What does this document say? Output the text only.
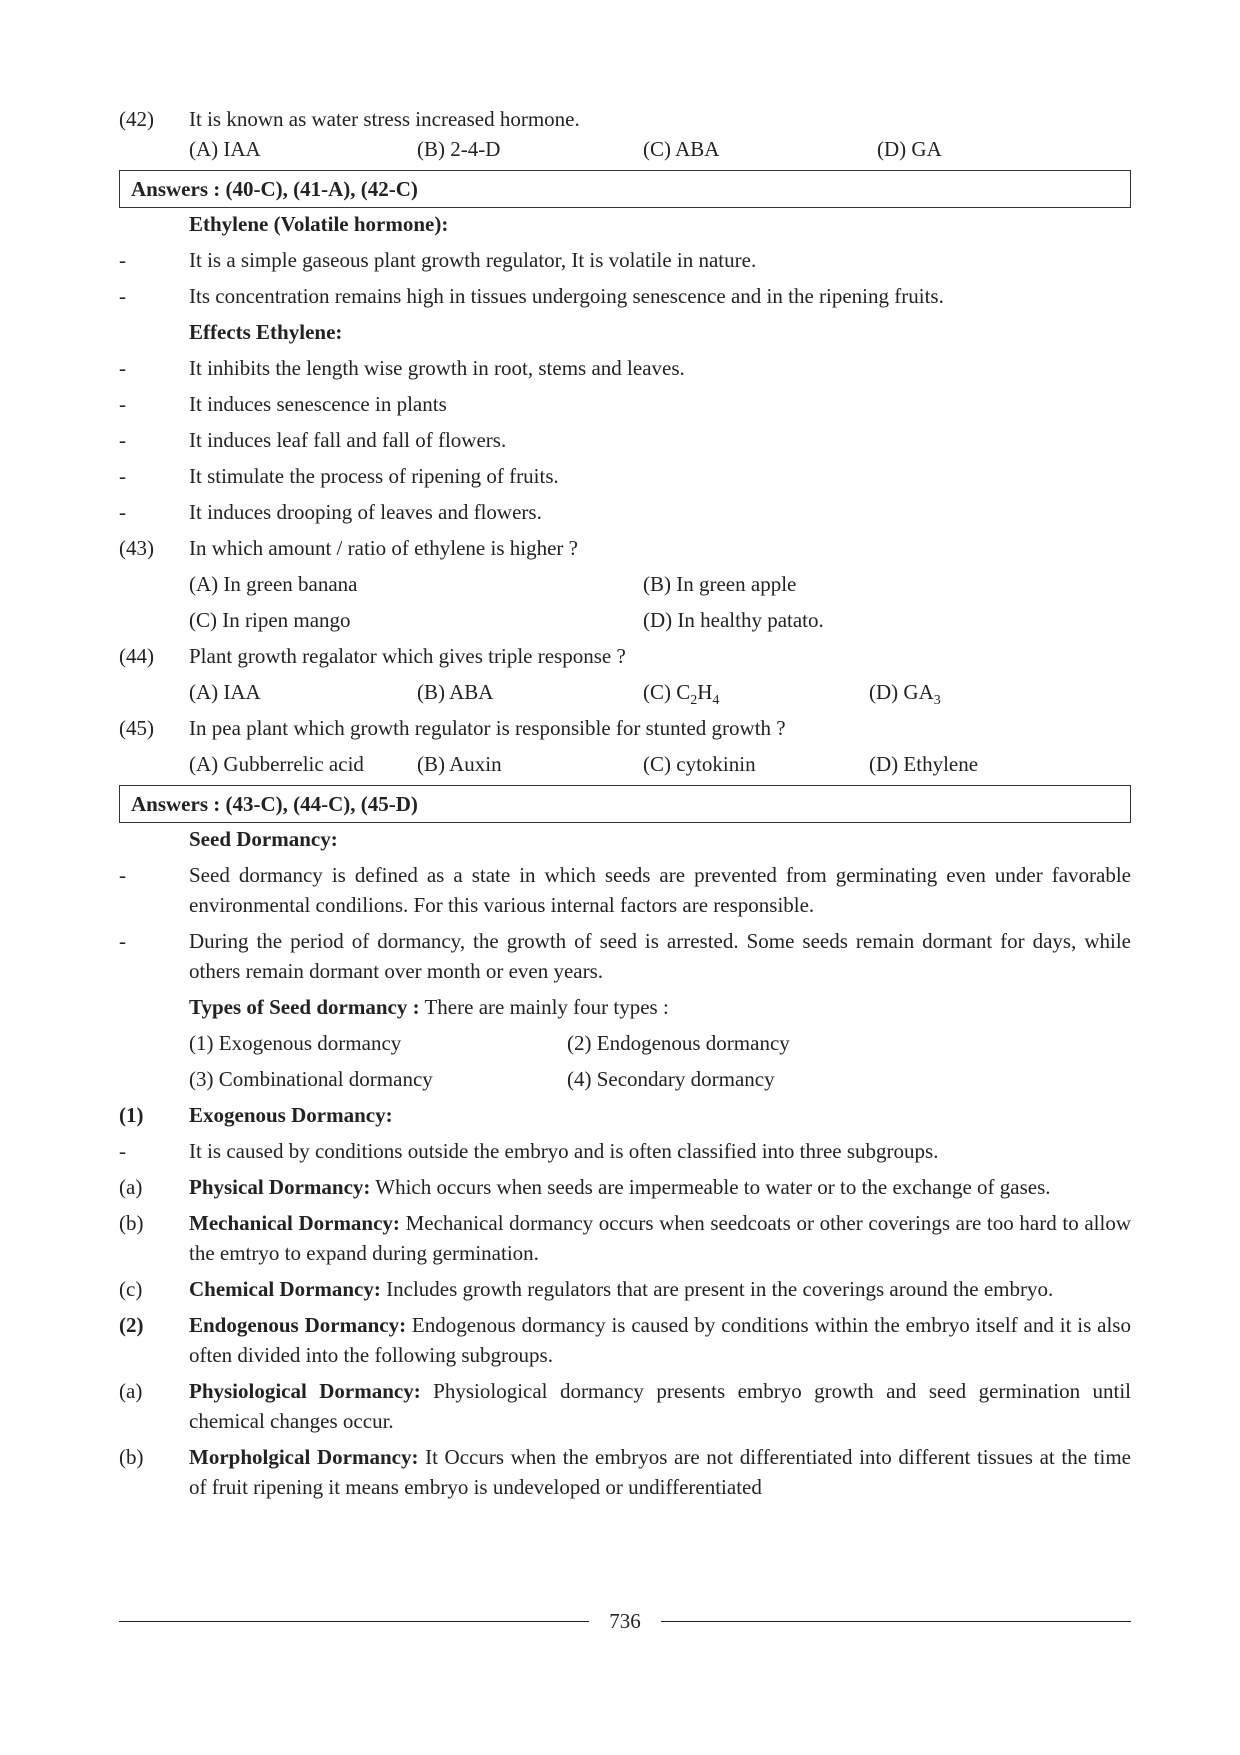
(42)	It is known as water stress increased hormone.
(A) IAA	(B) 2-4-D	(C) ABA	(D) GA
Answers : (40-C), (41-A), (42-C)
Ethylene (Volatile hormone):
-	It is a simple gaseous plant growth regulator, It is volatile in nature.
-	Its concentration remains high in tissues undergoing senescence and in the ripening fruits.
Effects Ethylene:
-	It inhibits the length wise growth in root, stems and leaves.
-	It induces senescence in plants
-	It induces leaf fall and fall of flowers.
-	It stimulate the process of ripening of fruits.
-	It induces drooping of leaves and flowers.
(43)	In which amount / ratio of ethylene is higher ?
(A) In green banana	(B) In green apple
(C) In ripen mango	(D) In healthy patato.
(44)	Plant growth regalator which gives triple response ?
(A) IAA	(B) ABA	(C) $C_2H_4$	(D) $GA_3$
(45)	In pea plant which growth regulator is responsible for stunted growth ?
(A) Gubberrelic acid	(B) Auxin	(C) cytokinin	(D) Ethylene
Answers : (43-C), (44-C), (45-D)
Seed Dormancy:
-	Seed dormancy is defined as a state in which seeds are prevented from germinating even under favorable environmental condilions. For this various internal factors are responsible.
-	During the period of dormancy, the growth of seed is arrested. Some seeds remain dormant for days, while others remain dormant over month or even years.
Types of Seed dormancy : There are mainly four types :
(1) Exogenous dormancy	(2) Endogenous dormancy
(3) Combinational dormancy	(4) Secondary dormancy
(1)	Exogenous Dormancy:
-	It is caused by conditions outside the embryo and is often classified into three subgroups.
(a)	Physical Dormancy: Which occurs when seeds are impermeable to water or to the exchange of gases.
(b)	Mechanical Dormancy: Mechanical dormancy occurs when seedcoats or other coverings are too hard to allow the emtryo to expand during germination.
(c)	Chemical Dormancy: Includes growth regulators that are present in the coverings around the embryo.
(2)	Endogenous Dormancy: Endogenous dormancy is caused by conditions within the embryo itself and it is also often divided into the following subgroups.
(a)	Physiological Dormancy: Physiological dormancy presents embryo growth and seed germination until chemical changes occur.
(b)	Morpholgical Dormancy: It Occurs when the embryos are not differentiated into different tissues at the time of fruit ripening it means embryo is undeveloped or undifferentiated
736
